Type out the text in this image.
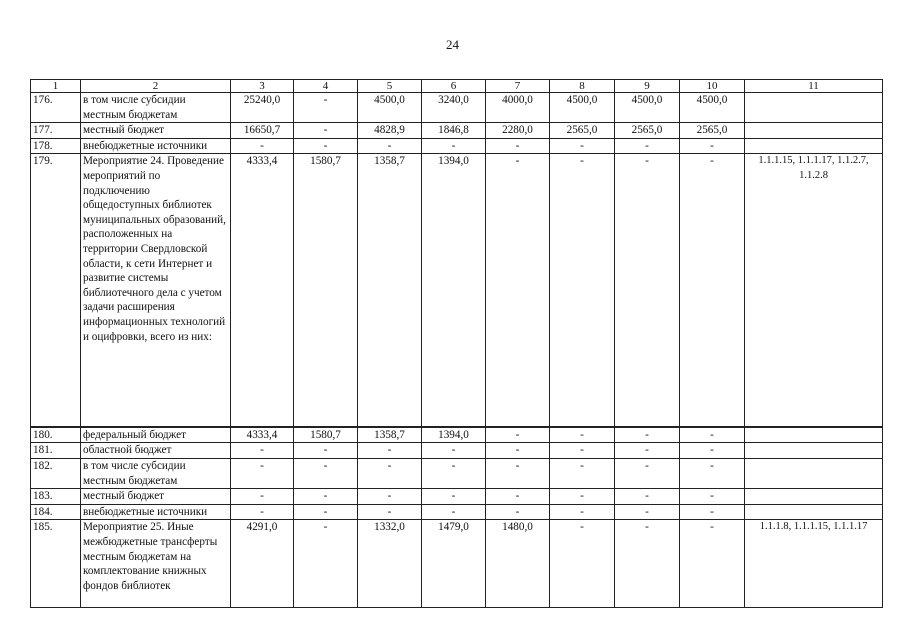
24
1	2	3	4	5	6	7	8	9	10	11
176.	в том числе субсидии местным бюджетам	25240,0	-	4500,0	3240,0	4000,0	4500,0	4500,0	4500,0	
177.	местный бюджет	16650,7	-	4828,9	1846,8	2280,0	2565,0	2565,0	2565,0	
178.	внебюджетные источники	-	-	-	-	-	-	-	-	
179.	Мероприятие 24. Проведение мероприятий по подключению общедоступных библиотек муниципальных образований, расположенных на территории Свердловской области, к сети Интернет и развитие системы библиотечного дела с учетом задачи расширения информационных технологий и оцифровки, всего из них:	4333,4	1580,7	1358,7	1394,0	-	-	-	-	1.1.1.15, 1.1.1.17, 1.1.2.7, 1.1.2.8
180.	федеральный бюджет	4333,4	1580,7	1358,7	1394,0	-	-	-	-	
181.	областной бюджет	-	-	-	-	-	-	-	-	
182.	в том числе субсидии местным бюджетам	-	-	-	-	-	-	-	-	
183.	местный бюджет	-	-	-	-	-	-	-	-	
184.	внебюджетные источники	-	-	-	-	-	-	-	-	
185.	Мероприятие 25. Иные межбюджетные трансферты местным бюджетам на комплектование книжных фондов библиотек	4291,0	-	1332,0	1479,0	1480,0	-	-	-	1.1.1.8, 1.1.1.15, 1.1.1.17
